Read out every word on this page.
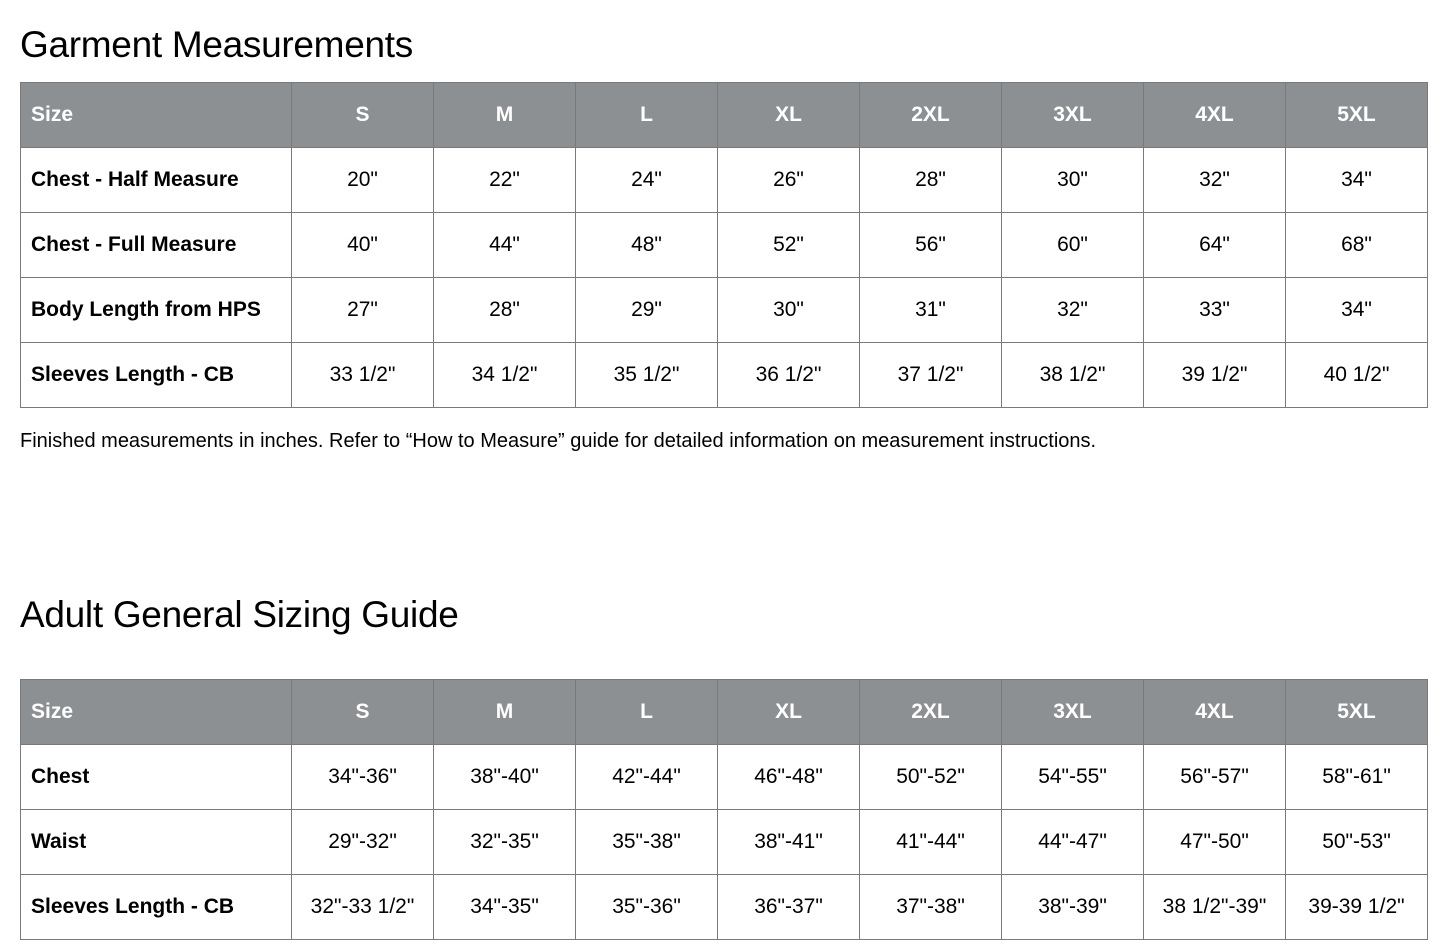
Garment Measurements
Size	S	M	L	XL	2XL	3XL	4XL	5XL
Chest - Half Measure	20"	22"	24"	26"	28"	30"	32"	34"
Chest - Full Measure	40"	44"	48"	52"	56"	60"	64"	68"
Body Length from HPS	27"	28"	29"	30"	31"	32"	33"	34"
Sleeves Length - CB	33 1/2"	34 1/2"	35 1/2"	36 1/2"	37 1/2"	38 1/2"	39 1/2"	40 1/2"

Finished measurements in inches. Refer to “How to Measure” guide for detailed information on measurement instructions.

Adult General Sizing Guide
Size	S	M	L	XL	2XL	3XL	4XL	5XL
Chest	34"-36"	38"-40"	42"-44"	46"-48"	50"-52"	54"-55"	56"-57"	58"-61"
Waist	29"-32"	32"-35"	35"-38"	38"-41"	41"-44"	44"-47"	47"-50"	50"-53"
Sleeves Length - CB	32"-33 1/2"	34"-35"	35"-36"	36"-37"	37"-38"	38"-39"	38 1/2"-39"	39-39 1/2"
